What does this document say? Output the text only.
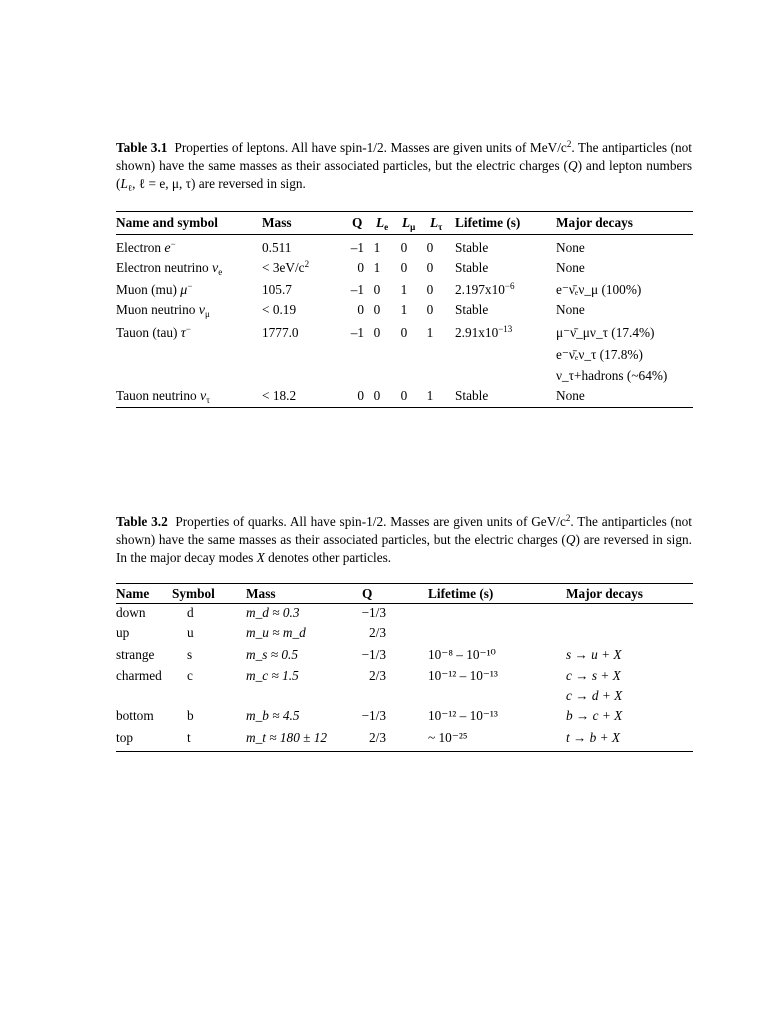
Table 3.1 Properties of leptons. All have spin-1/2. Masses are given units of MeV/$c^2$. The antiparticles (not shown) have the same masses as their associated particles, but the electric charges (Q) and lepton numbers ($L_\ell$, ℓ = e, μ, τ) are reversed in sign.
Name and symbol	Mass	Q $L_e$ $L_\mu$ $L_\tau$ Lifetime (s)	Major decays
Electron e−	0.511	–1 1 0 0 Stable	None
Electron neutrino $\nu_e$	< $3eV/c^2$	0 1 0 0 Stable	None
Muon (mu) μ−	105.7	–1 0 1 0 $2.197x10^{-6}$	e⁻ν̄ₑν_μ (100%)
Muon neutrino $\nu_\mu$	< 0.19	0 0 1 0 Stable	None
Tauon (tau) τ−	1777.0	–1 0 0 1 $2.91x10^{-13}$	μ⁻ν̄_μν_τ (17.4%)
e⁻ν̄ₑν_τ (17.8%)
ν_τ+hadrons (~64%)
Tauon neutrino $\nu_\tau$	< 18.2	0 0 0 1 Stable	None
Table 3.2 Properties of quarks. All have spin-1/2. Masses are given units of GeV/$c^2$. The antiparticles (not shown) have the same masses as their associated particles, but the electric charges (Q) are reversed in sign. In the major decay modes X denotes other particles.
Name Symbol Mass	Q	Lifetime (s)	Major decays
down	d	m_d ≈ 0.3	−1/3
up	u	m_u ≈ m_d	2/3
strange s	m_s ≈ 0.5	−1/3	10⁻⁸ – 10⁻¹⁰	s → u + X
charmed c	m_c ≈ 1.5	2/3	10⁻¹² – 10⁻¹³	c → s + X
c → d + X
bottom	b	m_b ≈ 4.5	−1/3	10⁻¹² – 10⁻¹³	b → c + X
top	t	m_t ≈ 180 ± 12	2/3	~ 10⁻²⁵	t → b + X
